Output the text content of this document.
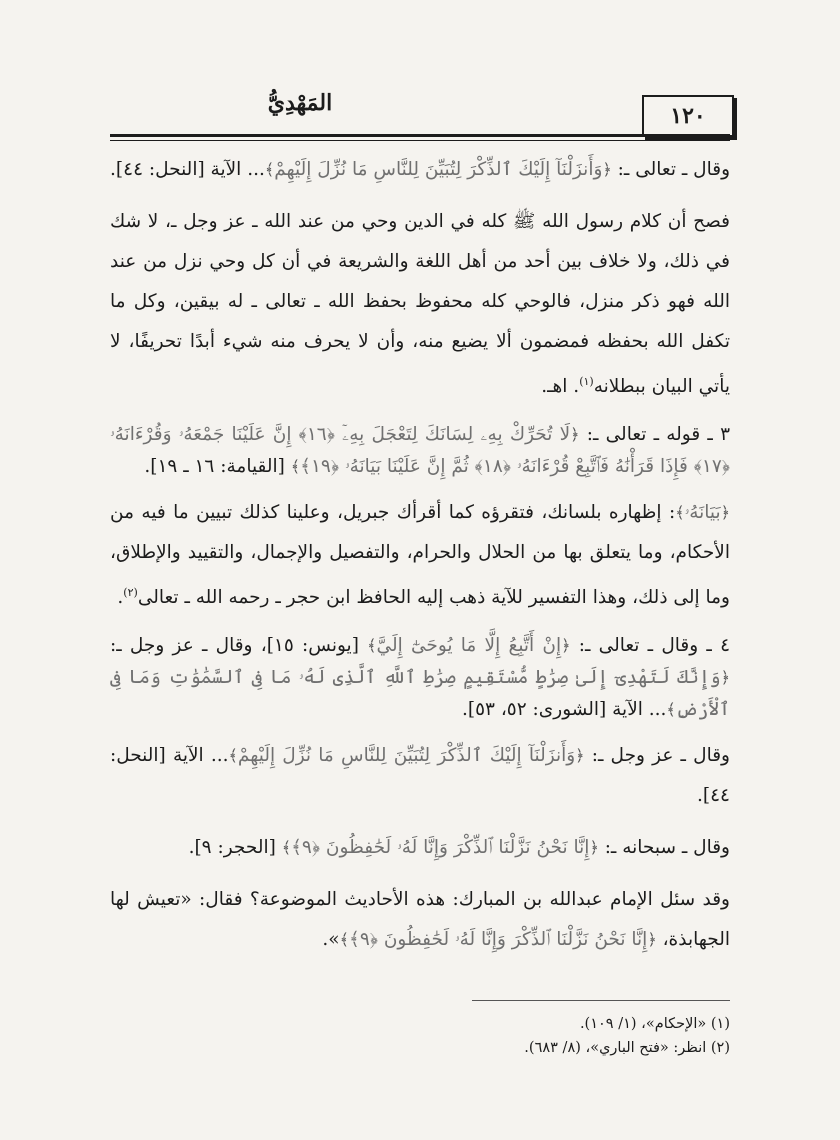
المَهْدِيُّ	١٢٠

وقال ـ تعالى ـ: ﴿وَأَنزَلْنَآ إِلَيْكَ ٱلذِّكْرَ لِتُبَيِّنَ لِلنَّاسِ مَا نُزِّلَ إِلَيْهِمْ﴾... الآية [النحل: ٤٤].

فصح أن كلام رسول الله ﷺ كله في الدين وحي من عند الله ـ عز وجل ـ، لا شك في ذلك، ولا خلاف بين أحد من أهل اللغة والشريعة في أن كل وحي نزل من عند الله فهو ذكر منزل، فالوحي كله محفوظ بحفظ الله ـ تعالى ـ له بيقين، وكل ما تكفل الله بحفظه فمضمون ألا يضيع منه، وأن لا يحرف منه شيء أبدًا تحريفًا، لا يأتي البيان ببطلانه$^{(١)}$. اهـ.

٣ ـ قوله ـ تعالى ـ: ﴿لَا تُحَرِّكْ بِهِۦ لِسَانَكَ لِتَعْجَلَ بِهِۦٓ ﴿١٦﴾ إِنَّ عَلَيْنَا جَمْعَهُۥ وَقُرْءَانَهُۥ ﴿١٧﴾ فَإِذَا قَرَأْنَٰهُ فَٱتَّبِعْ قُرْءَانَهُۥ ﴿١٨﴾ ثُمَّ إِنَّ عَلَيْنَا بَيَانَهُۥ ﴿١٩﴾﴾ [القيامة: ١٦ ـ ١٩].

﴿بَيَانَهُۥ﴾: إظهاره بلسانك، فتقرؤه كما أقرأك جبريل، وعلينا كذلك تبيين ما فيه من الأحكام، وما يتعلق بها من الحلال والحرام، والتفصيل والإجمال، والتقييد والإطلاق، وما إلى ذلك، وهذا التفسير للآية ذهب إليه الحافظ ابن حجر ـ رحمه الله ـ تعالى$^{(٢)}$.

٤ ـ وقال ـ تعالى ـ: ﴿إِنْ أَتَّبِعُ إِلَّا مَا يُوحَىٰٓ إِلَيَّ﴾ [يونس: ١٥]، وقال ـ عز وجل ـ: ﴿وَإِنَّكَ لَتَهْدِىٓ إِلَىٰ صِرَٰطٍ مُّسْتَقِيمٍ صِرَٰطِ ٱللَّهِ ٱلَّذِى لَهُۥ مَا فِى ٱلسَّمَٰوَٰتِ وَمَا فِى ٱلْأَرْضِ﴾... الآية [الشورى: ٥٢، ٥٣].

وقال ـ عز وجل ـ: ﴿وَأَنزَلْنَآ إِلَيْكَ ٱلذِّكْرَ لِتُبَيِّنَ لِلنَّاسِ مَا نُزِّلَ إِلَيْهِمْ﴾... الآية [النحل: ٤٤].

وقال ـ سبحانه ـ: ﴿إِنَّا نَحْنُ نَزَّلْنَا ٱلذِّكْرَ وَإِنَّا لَهُۥ لَحَٰفِظُونَ ﴿٩﴾﴾ [الحجر: ٩].

وقد سئل الإمام عبدالله بن المبارك: هذه الأحاديث الموضوعة؟ فقال: «تعيش لها الجهابذة، ﴿إِنَّا نَحْنُ نَزَّلْنَا ٱلذِّكْرَ وَإِنَّا لَهُۥ لَحَٰفِظُونَ ﴿٩﴾﴾».

(١) «الإحكام»، (١/ ١٠٩).
(٢) انظر: «فتح الباري»، (٨/ ٦٨٣).
